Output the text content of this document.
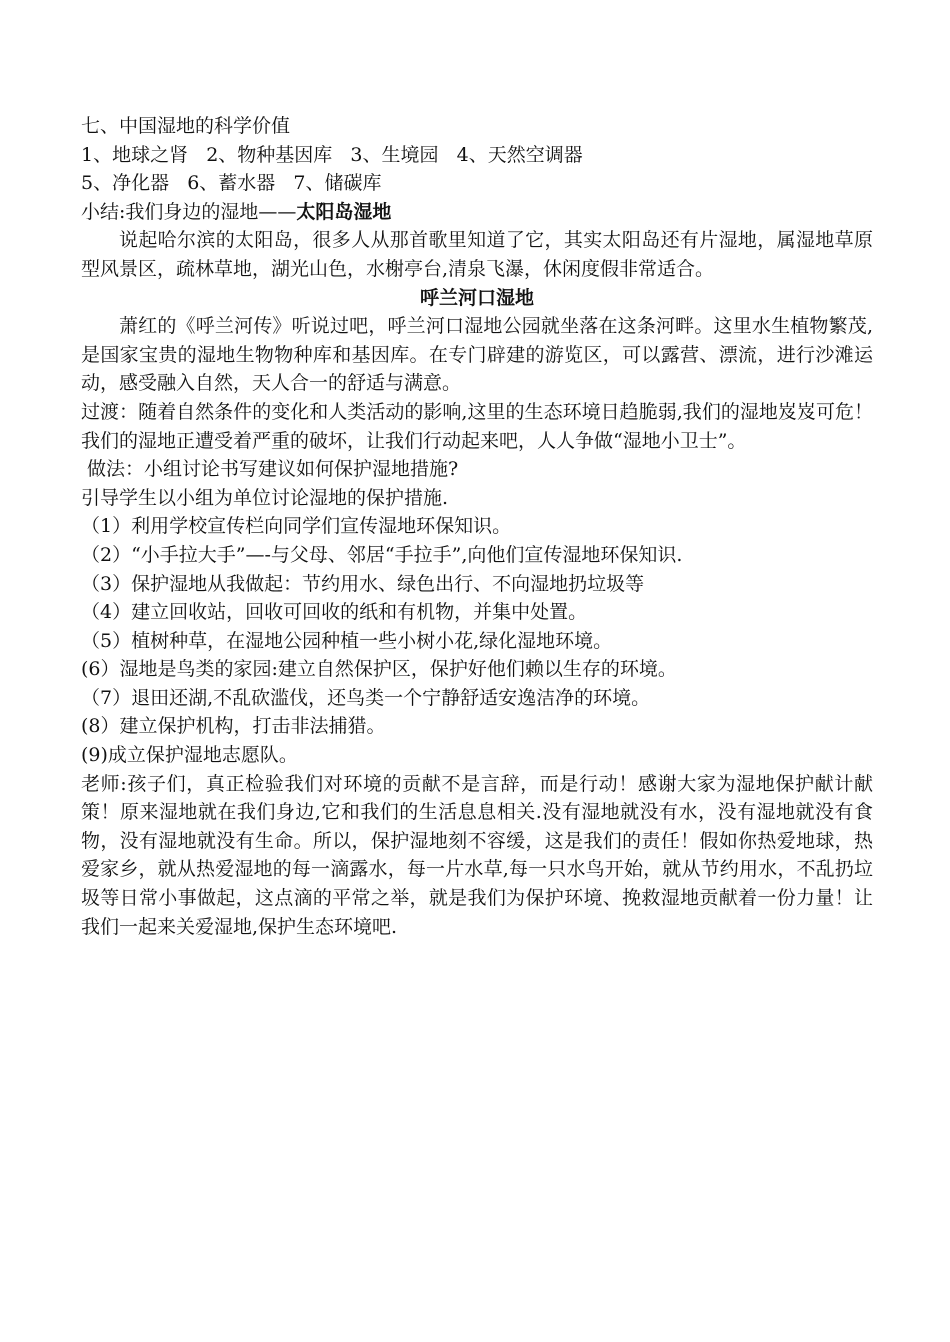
七、中国湿地的科学价值

1、地球之肾   2、物种基因库   3、生境园   4、天然空调器

5、净化器   6、蓄水器   7、储碳库

小结:我们身边的湿地——太阳岛湿地

说起哈尔滨的太阳岛，很多人从那首歌里知道了它，其实太阳岛还有片湿地，属湿地草原型风景区，疏林草地，湖光山色，水榭亭台,清泉飞瀑，休闲度假非常适合。

呼兰河口湿地

萧红的《呼兰河传》听说过吧，呼兰河口湿地公园就坐落在这条河畔。这里水生植物繁茂,是国家宝贵的湿地生物物种库和基因库。在专门辟建的游览区，可以露营、漂流，进行沙滩运动，感受融入自然，天人合一的舒适与满意。

过渡：随着自然条件的变化和人类活动的影响,这里的生态环境日趋脆弱,我们的湿地岌岌可危！我们的湿地正遭受着严重的破坏，让我们行动起来吧，人人争做“湿地小卫士”。

做法：小组讨论书写建议如何保护湿地措施?

引导学生以小组为单位讨论湿地的保护措施.

（1）利用学校宣传栏向同学们宣传湿地环保知识。

（2）“小手拉大手”—-与父母、邻居“手拉手”,向他们宣传湿地环保知识.

（3）保护湿地从我做起：节约用水、绿色出行、不向湿地扔垃圾等

（4）建立回收站，回收可回收的纸和有机物，并集中处置。

（5）植树种草，在湿地公园种植一些小树小花,绿化湿地环境。

(6）湿地是鸟类的家园:建立自然保护区，保护好他们赖以生存的环境。

（7）退田还湖,不乱砍滥伐，还鸟类一个宁静舒适安逸洁净的环境。

(8）建立保护机构，打击非法捕猎。

(9)成立保护湿地志愿队。

老师:孩子们，真正检验我们对环境的贡献不是言辞，而是行动！感谢大家为湿地保护献计献策！原来湿地就在我们身边,它和我们的生活息息相关.没有湿地就没有水，没有湿地就没有食物，没有湿地就没有生命。所以，保护湿地刻不容缓，这是我们的责任！假如你热爱地球，热爱家乡，就从热爱湿地的每一滴露水，每一片水草,每一只水鸟开始，就从节约用水，不乱扔垃圾等日常小事做起，这点滴的平常之举，就是我们为保护环境、挽救湿地贡献着一份力量！让我们一起来关爱湿地,保护生态环境吧.
